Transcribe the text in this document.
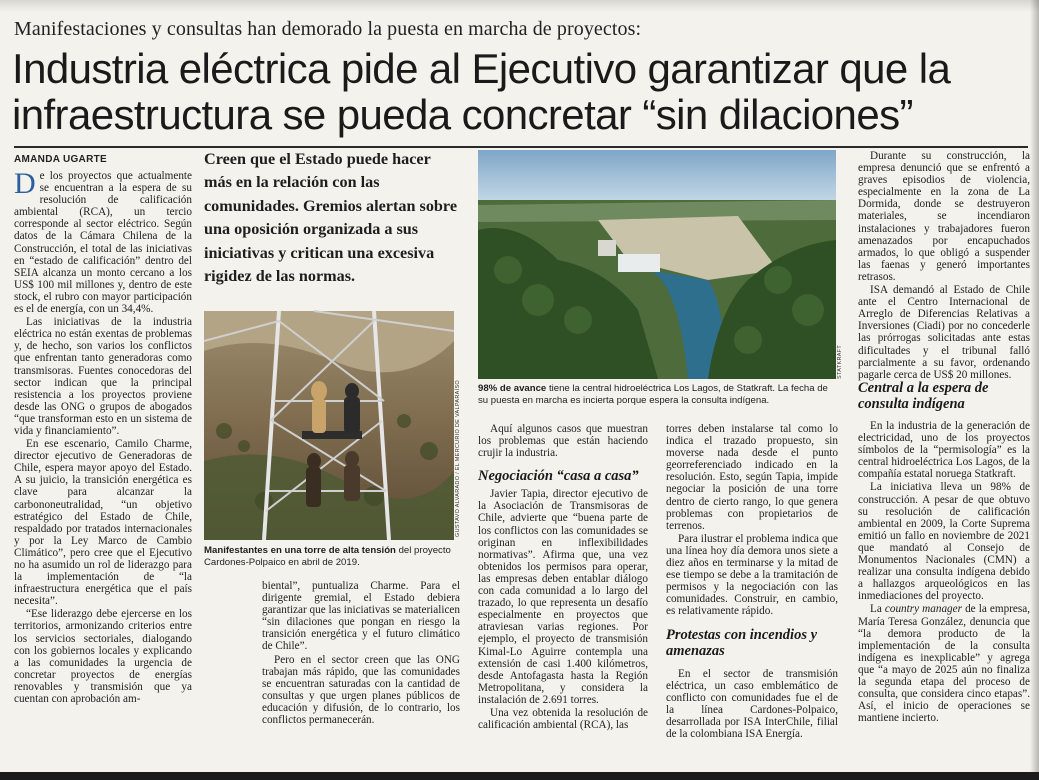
Manifestaciones y consultas han demorado la puesta en marcha de proyectos:
Industria eléctrica pide al Ejecutivo garantizar que la infraestructura se pueda concretar “sin dilaciones”
AMANDA UGARTE

De los proyectos que actualmente se encuentran a la espera de su resolución de calificación ambiental (RCA), un tercio corresponde al sector eléctrico. Según datos de la Cámara Chilena de la Construcción, el total de las iniciativas en “estado de calificación” dentro del SEIA alcanza un monto cercano a los US$ 100 mil millones y, dentro de este stock, el rubro con mayor participación es el de energía, con un 34,4%.

Las iniciativas de la industria eléctrica no están exentas de problemas y, de hecho, son varios los conflictos que enfrentan tanto generadoras como transmisoras. Fuentes conocedoras del sector indican que la principal resistencia a los proyectos proviene desde las ONG o grupos de abogados “que transforman esto en un sistema de vida y financiamiento”.

En ese escenario, Camilo Charme, director ejecutivo de Generadoras de Chile, espera mayor apoyo del Estado. A su juicio, la transición energética es clave para alcanzar la carbononeutralidad, “un objetivo estratégico del Estado de Chile, respaldado por tratados internacionales y por la Ley Marco de Cambio Climático”, pero cree que el Ejecutivo no ha asumido un rol de liderazgo para la implementación de “la infraestructura energética que el país necesita”.

“Ese liderazgo debe ejercerse en los territorios, armonizando criterios entre los servicios sectoriales, dialogando con los gobiernos locales y explicando a las comunidades la urgencia de concretar proyectos de energías renovables y transmisión que ya cuentan con aprobación am-

Creen que el Estado puede hacer más en la relación con las comunidades. Gremios alertan sobre una oposición organizada a sus iniciativas y critican una excesiva rigidez de las normas.
GUSTAVO ALVARADO / EL MERCURIO DE VALPARAÍSO
Manifestantes en una torre de alta tensión del proyecto Cardones-Polpaico en abril de 2019.

biental”, puntualiza Charme. Para el dirigente gremial, el Estado debiera garantizar que las iniciativas se materialicen “sin dilaciones que pongan en riesgo la transición energética y el futuro climático de Chile”.

Pero en el sector creen que las ONG trabajan más rápido, que las comunidades se encuentran saturadas con la cantidad de consultas y que urgen planes públicos de educación y difusión, de lo contrario, los conflictos permanecerán.

STATKRAFT
98% de avance tiene la central hidroeléctrica Los Lagos, de Statkraft. La fecha de su puesta en marcha es incierta porque espera la consulta indígena.

Aquí algunos casos que muestran los problemas que están haciendo crujir la industria.

Javier Tapia, director ejecutivo de la Asociación de Transmisoras de Chile, advierte que “buena parte de los conflictos con las comunidades se originan en inflexibilidades normativas”. Afirma que, una vez obtenidos los permisos para operar, las empresas deben entablar diálogo con cada comunidad a lo largo del trazado, lo que representa un desafío especialmente en proyectos que atraviesan varias regiones. Por ejemplo, el proyecto de transmisión Kimal-Lo Aguirre contempla una extensión de casi 1.400 kilómetros, desde Antofagasta hasta la Región Metropolitana, y considera la instalación de 2.691 torres.

Una vez obtenida la resolución de calificación ambiental (RCA), las

Negociación “casa a casa”

torres deben instalarse tal como lo indica el trazado propuesto, sin moverse nada desde el punto georreferenciado indicado en la resolución. Esto, según Tapia, impide negociar la posición de una torre dentro de cierto rango, lo que genera problemas con propietarios de terrenos.

Para ilustrar el problema indica que una línea hoy día demora unos siete a diez años en terminarse y la mitad de ese tiempo se debe a la tramitación de permisos y la negociación con las comunidades. Construir, en cambio, es relativamente rápido.

Protestas con incendios y amenazas

En el sector de transmisión eléctrica, un caso emblemático de conflicto con comunidades fue el de la línea Cardones-Polpaico, desarrollada por ISA InterChile, filial de la colombiana ISA Energía.

Durante su construcción, la empresa denunció que se enfrentó a graves episodios de violencia, especialmente en la zona de La Dormida, donde se destruyeron materiales, se incendiaron instalaciones y trabajadores fueron amenazados por encapuchados armados, lo que obligó a suspender las faenas y generó importantes retrasos.

ISA demandó al Estado de Chile ante el Centro Internacional de Arreglo de Diferencias Relativas a Inversiones (Ciadi) por no concederle las prórrogas solicitadas ante estas dificultades y el tribunal falló parcialmente a su favor, ordenando pagarle cerca de US$ 20 millones.

Central a la espera de consulta indígena

En la industria de la generación de electricidad, uno de los proyectos símbolos de la “permisología” es la central hidroeléctrica Los Lagos, de la compañía estatal noruega Statkraft.

La iniciativa lleva un 98% de construcción. A pesar de que obtuvo su resolución de calificación ambiental en 2009, la Corte Suprema emitió un fallo en noviembre de 2021 que mandató al Consejo de Monumentos Nacionales (CMN) a realizar una consulta indígena debido a hallazgos arqueológicos en las inmediaciones del proyecto.

La country manager de la empresa, María Teresa González, denuncia que “la demora producto de la implementación de la consulta indígena es inexplicable” y agrega que “a mayo de 2025 aún no finaliza la segunda etapa del proceso de consulta, que considera cinco etapas”. Así, el inicio de operaciones se mantiene incierto.
